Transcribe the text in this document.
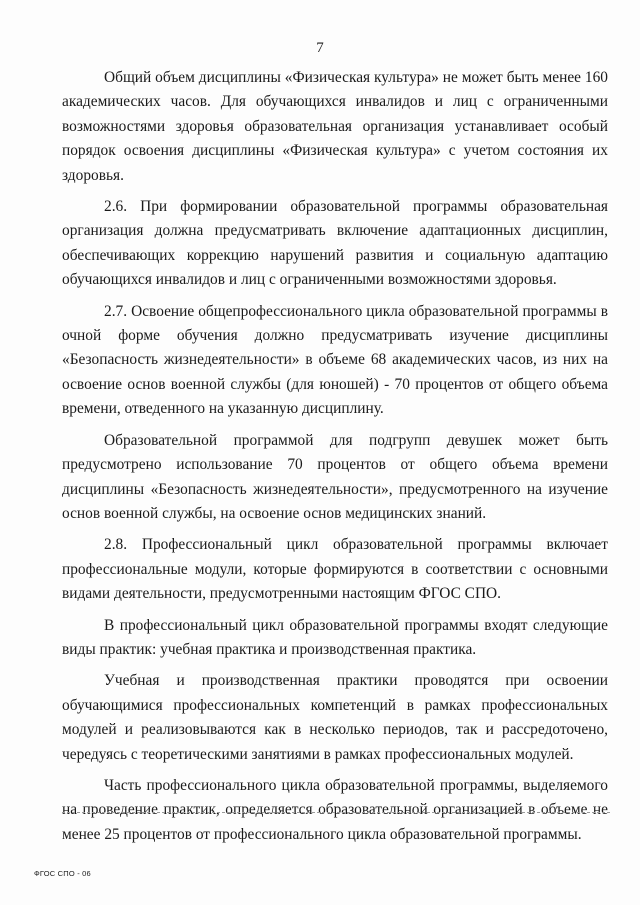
7

Общий объем дисциплины «Физическая культура» не может быть менее 160 академических часов. Для обучающихся инвалидов и лиц с ограниченными возможностями здоровья образовательная организация устанавливает особый порядок освоения дисциплины «Физическая культура» с учетом состояния их здоровья.

2.6. При формировании образовательной программы образовательная организация должна предусматривать включение адаптационных дисциплин, обеспечивающих коррекцию нарушений развития и социальную адаптацию обучающихся инвалидов и лиц с ограниченными возможностями здоровья.

2.7. Освоение общепрофессионального цикла образовательной программы в очной форме обучения должно предусматривать изучение дисциплины «Безопасность жизнедеятельности» в объеме 68 академических часов, из них на освоение основ военной службы (для юношей) - 70 процентов от общего объема времени, отведенного на указанную дисциплину.

Образовательной программой для подгрупп девушек может быть предусмотрено использование 70 процентов от общего объема времени дисциплины «Безопасность жизнедеятельности», предусмотренного на изучение основ военной службы, на освоение основ медицинских знаний.

2.8. Профессиональный цикл образовательной программы включает профессиональные модули, которые формируются в соответствии с основными видами деятельности, предусмотренными настоящим ФГОС СПО.

В профессиональный цикл образовательной программы входят следующие виды практик: учебная практика и производственная практика.

Учебная и производственная практики проводятся при освоении обучающимися профессиональных компетенций в рамках профессиональных модулей и реализовываются как в несколько периодов, так и рассредоточено, чередуясь с теоретическими занятиями в рамках профессиональных модулей.

Часть профессионального цикла образовательной программы, выделяемого на проведение практик, определяется образовательной организацией в объеме не менее 25 процентов от профессионального цикла образовательной программы.

ФГОС СПО - 06
